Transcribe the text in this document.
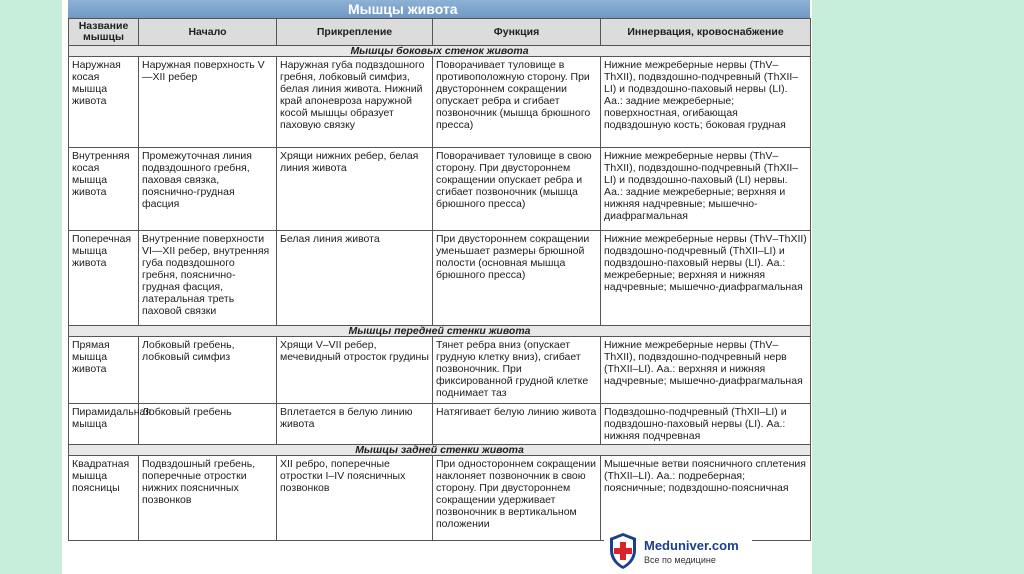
Мышцы живота
Название мышцы	Начало	Прикрепление	Функция	Иннервация, кровоснабжение
Мышцы боковых стенок живота				
Наружная косая мышца живота	Наружная поверхность V—XII ребер	Наружная губа подвздошного гребня, лобковый симфиз, белая линия живота. Нижний край апоневроза наружной косой мышцы образует паховую связку	Поворачивает туловище в противоположную сторону. При двустороннем сокращении опускает ребра и сгибает позвоночник (мышца брюшного пресса)	Нижние межреберные нервы (ThV–ThXII), подвздошно-подчревный (ThXII–LI) и подвздошно-паховый нервы (LI). Аа.: задние межреберные; поверхностная, огибающая подвздошную кость; боковая грудная
Внутренняя косая мышца живота	Промежуточная линия подвздошного гребня, паховая связка, пояснично-грудная фасция	Хрящи нижних ребер, белая линия живота	Поворачивает туловище в свою сторону. При двустороннем сокращении опускает ребра и сгибает позвоночник (мышца брюшного пресса)	Нижние межреберные нервы (ThV–ThXII), подвздошно-подчревный (ThXII–LI) и подвздошно-паховый (LI) нервы. Аа.: задние межреберные; верхняя и нижняя надчревные; мышечно-диафрагмальная
Поперечная мышца живота	Внутренние поверхности VI—XII ребер, внутренняя губа подвздошного гребня, пояснично-грудная фасция, латеральная треть паховой связки	Белая линия живота	При двустороннем сокращении уменьшает размеры брюшной полости (основная мышца брюшного пресса)	Нижние межреберные нервы (ThV–ThXII) подвздошно-подчревный (ThXII–LI) и подвздошно-паховый нервы (LI). Аа.: межреберные; верхняя и нижняя надчревные; мышечно-диафрагмальная
Мышцы передней стенки живота				
Прямая мышца живота	Лобковый гребень, лобковый симфиз	Хрящи V–VII ребер, мечевидный отросток грудины	Тянет ребра вниз (опускает грудную клетку вниз), сгибает позвоночник. При фиксированной грудной клетке поднимает таз	Нижние межреберные нервы (ThV–ThXII), подвздошно-подчревный нерв (ThXII–LI). Аа.: верхняя и нижняя надчревные; мышечно-диафрагмальная
Пирамидальная мышца	Лобковый гребень	Вплетается в белую линию живота	Натягивает белую линию живота	Подвздошно-подчревный (ThXII–LI) и подвздошно-паховый нервы (LI). Аа.: нижняя подчревная
Мышцы задней стенки живота				
Квадратная мышца поясницы	Подвздошный гребень, поперечные отростки нижних поясничных позвонков	XII ребро, поперечные отростки I–IV поясничных позвонков	При одностороннем сокращении наклоняет позвоночник в свою сторону. При двустороннем сокращении удерживает позвоночник в вертикальном положении	Мышечные ветви поясничного сплетения (ThXII–LI). Аа.: подреберная; поясничные; подвздошно-поясничная
Meduniver.com
Все по медицине
